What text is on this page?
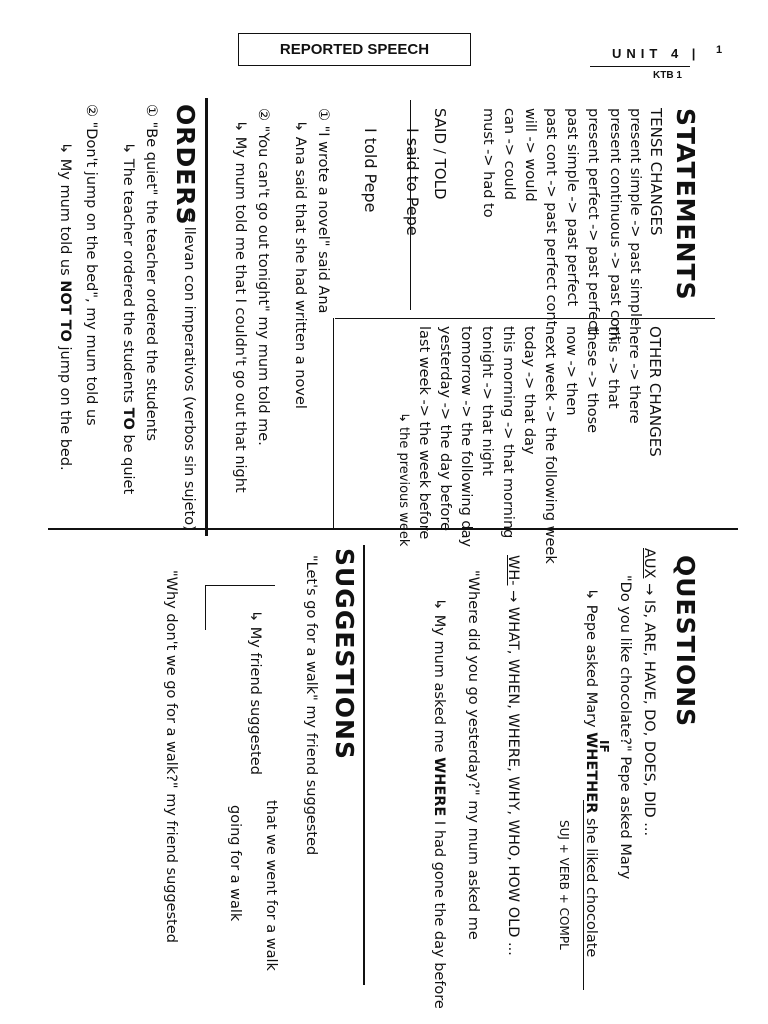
REPORTED SPEECH	UNIT 4 | 1
KTB 1
STATEMENTS
TENSE CHANGES
present simple -> past simple
present continuous -> past cont
present perfect -> past perfect
past simple -> past perfect
past cont -> past perfect cont
will -> would
can -> could
must -> had to
SAID / TOLD
I said to Pepe
I told Pepe
① "I wrote a novel" said Ana
↳ Ana said that she had written a novel
② "You can't go out tonight" my mum told me.
↳ My mum told me that I couldn't go out that night	OTHER CHANGES
here -> there
this -> that
these -> those
now -> then
next week -> the following week
today -> that day
this morning -> that morning
tonight -> that night
tomorrow -> the following day
yesterday -> the day before
last week -> the week before
↳ the previous week
ORDERS
→ llevan con imperativos (verbos sin sujeto)
① "Be quiet" the teacher ordered the students
↳ The teacher ordered the students TO be quiet
② "Don't jump on the bed", my mum told us
↳ My mum told us NOT TO jump on the bed.
QUESTIONS
AUX → IS, ARE, HAVE, DO, DOES, DID ...
"Do you like chocolate?" Pepe asked Mary
IF
↳ Pepe asked Mary WHETHER she liked chocolate
SUJ + VERB + COMPL
WH- → WHAT, WHEN, WHERE, WHY, WHO, HOW OLD ...
"Where did you go yesterday?" my mum asked me
↳ My mum asked me WHERE I had gone the day before
SUGGESTIONS
"Let's go for a walk" my friend suggested
↳ My friend suggested
that we went for a walk
going for a walk
"Why don't we go for a walk?" my friend suggested
